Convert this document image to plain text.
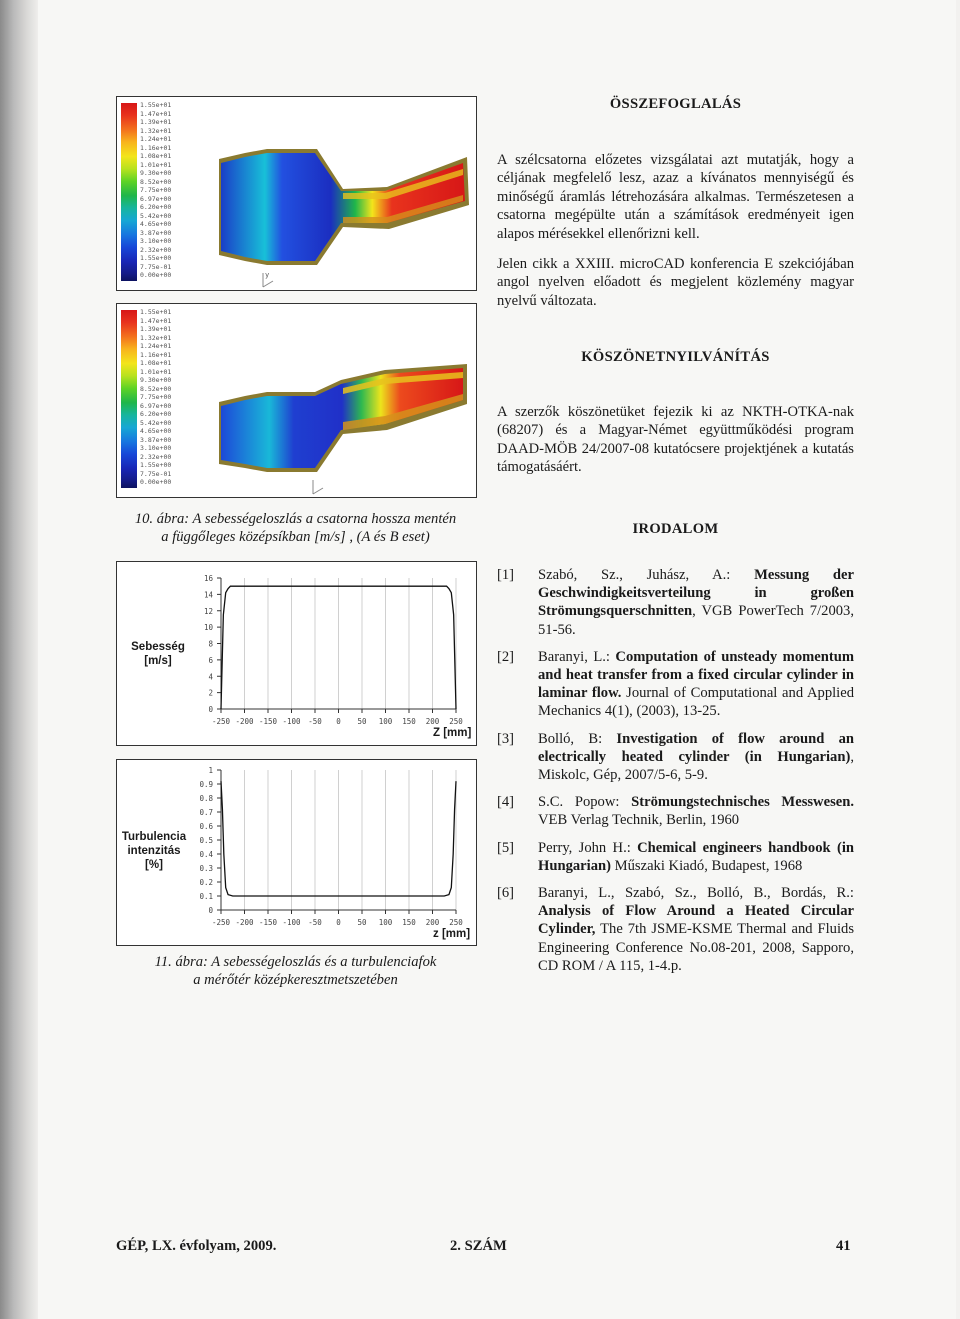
ÖSSZEFOGLALÁS

A szélcsatorna előzetes vizsgálatai azt mutatják, hogy a céljának megfelelő lesz, azaz a kívánatos mennyiségű és minőségű áramlás létrehozására alkalmas. Természetesen a csatorna megépülte után a számítások eredményeit igen alapos mérésekkel ellenőrizni kell.

Jelen cikk a XXIII. microCAD konferencia E szekciójában angol nyelven előadott és megjelent közlemény magyar nyelvű változata.

KÖSZÖNETNYILVÁNÍTÁS

A szerzők köszönetüket fejezik ki az NKTH-OTKA-nak (68207) és a Magyar-Német együttműködési program DAAD-MÖB 24/2007-08 kutatócsere projektjének a kutatás támogatásáért.

IRODALOM
[1]	Szabó, Sz., Juhász, A.: Messung der Geschwindigkeitsverteilung in großen Strömungsquerschnitten, VGB PowerTech 7/2003, 51-56.
[2]	Baranyi, L.: Computation of unsteady momentum and heat transfer from a fixed circular cylinder in laminar flow. Journal of Computational and Applied Mechanics 4(1), (2003), 13-25.
[3]	Bolló, B: Investigation of flow around an electrically heated cylinder (in Hungarian), Miskolc, Gép, 2007/5-6, 5-9.
[4]	S.C. Popow: Strömungstechnisches Messwesen. VEB Verlag Technik, Berlin, 1960
[5]	Perry, John H.: Chemical engineers handbook (in Hungarian) Műszaki Kiadó, Budapest, 1968
[6]	Baranyi, L., Szabó, Sz., Bolló, B., Bordás, R.: Analysis of Flow Around a Heated Circular Cylinder, The 7th JSME-KSME Thermal and Fluids Engineering Conference No.08-201, 2008, Sapporo, CD ROM / A 115, 1-4.p.
1.55e+01
1.47e+01
1.39e+01
1.32e+01
1.24e+01
1.16e+01
1.08e+01
1.01e+01
9.30e+00
8.52e+00
7.75e+00
6.97e+00
6.20e+00
5.42e+00
4.65e+00
3.87e+00
3.10e+00
2.32e+00
1.55e+00
7.75e-01
0.00e+00	y
1.55e+01
1.47e+01
1.39e+01
1.32e+01
1.24e+01
1.16e+01
1.08e+01
1.01e+01
9.30e+00
8.52e+00
7.75e+00
6.97e+00
6.20e+00
5.42e+00
4.65e+00
3.87e+00
3.10e+00
2.32e+00
1.55e+00
7.75e-01
0.00e+00
10. ábra: A sebességeloszlás a csatorna hossza mentén
a függőleges középsíkban [m/s] , (A és B eset)
Sebesség [m/s]
-250 -200 -150 -100 -50 0 50 100 150 200 250
0
2
4
6
8
10
12
14
16
Z [mm]
Turbulencia intenzitás [%]
-250 -200 -150 -100 -50 0 50 100 150 200 250
0
0.1
0.2
0.3
0.4
0.5
0.6
0.7
0.8
0.9
1
z [mm]
11. ábra: A sebességeloszlás és a turbulenciafok
a mérőtér középkeresztmetszetében
GÉP, LX. évfolyam, 2009.	2. SZÁM	41
